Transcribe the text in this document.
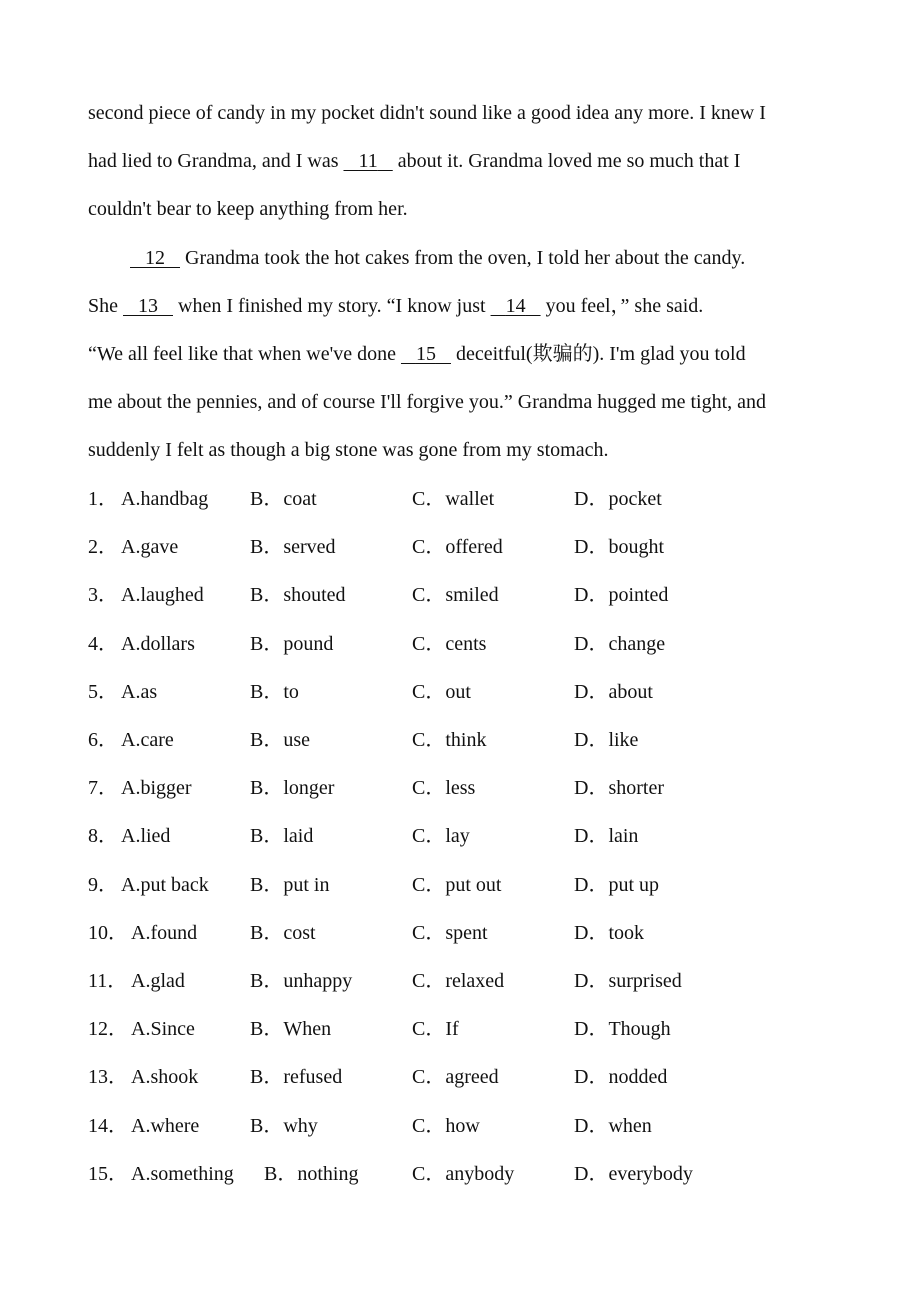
second piece of candy in my pocket didn't sound like a good idea any more. I knew I
had lied to Grandma, and I was    11    about it. Grandma loved me so much that I
couldn't bear to keep anything from her.
12    Grandma took the hot cakes from the oven, I told her about the candy.
She    13    when I finished my story. “I know just    14    you feel，” she said.
“We all feel like that when we've done    15    deceitful(欺骗的). I'm glad you told
me about the pennies, and of course I'll forgive you.” Grandma hugged me tight, and
suddenly I felt as though a big stone was gone from my stomach.
1． A.handbag B．coat	C．wallet	D．pocket
2． A.gave	B．served	C．offered	D．bought
3． A.laughed B．shouted	C．smiled	D．pointed
4． A.dollars	B．pound	C．cents	D．change
5． A.as	B．to	C．out	D．about
6． A.care	B．use	C．think	D．like
7． A.bigger	B．longer	C．less	D．shorter
8． A.lied	B．laid	C．lay	D．lain
9． A.put back B．put in	C．put out	D．put up
10． A.found	B．cost	C．spent	D．took
11． A.glad	B．unhappy	C．relaxed	D．surprised
12． A.Since	B．When	C．If	D．Though
13． A.shook	B．refused	C．agreed	D．nodded
14． A.where	B．why	C．how	D．when
15． A.something B．nothing	C．anybody	D．everybody
